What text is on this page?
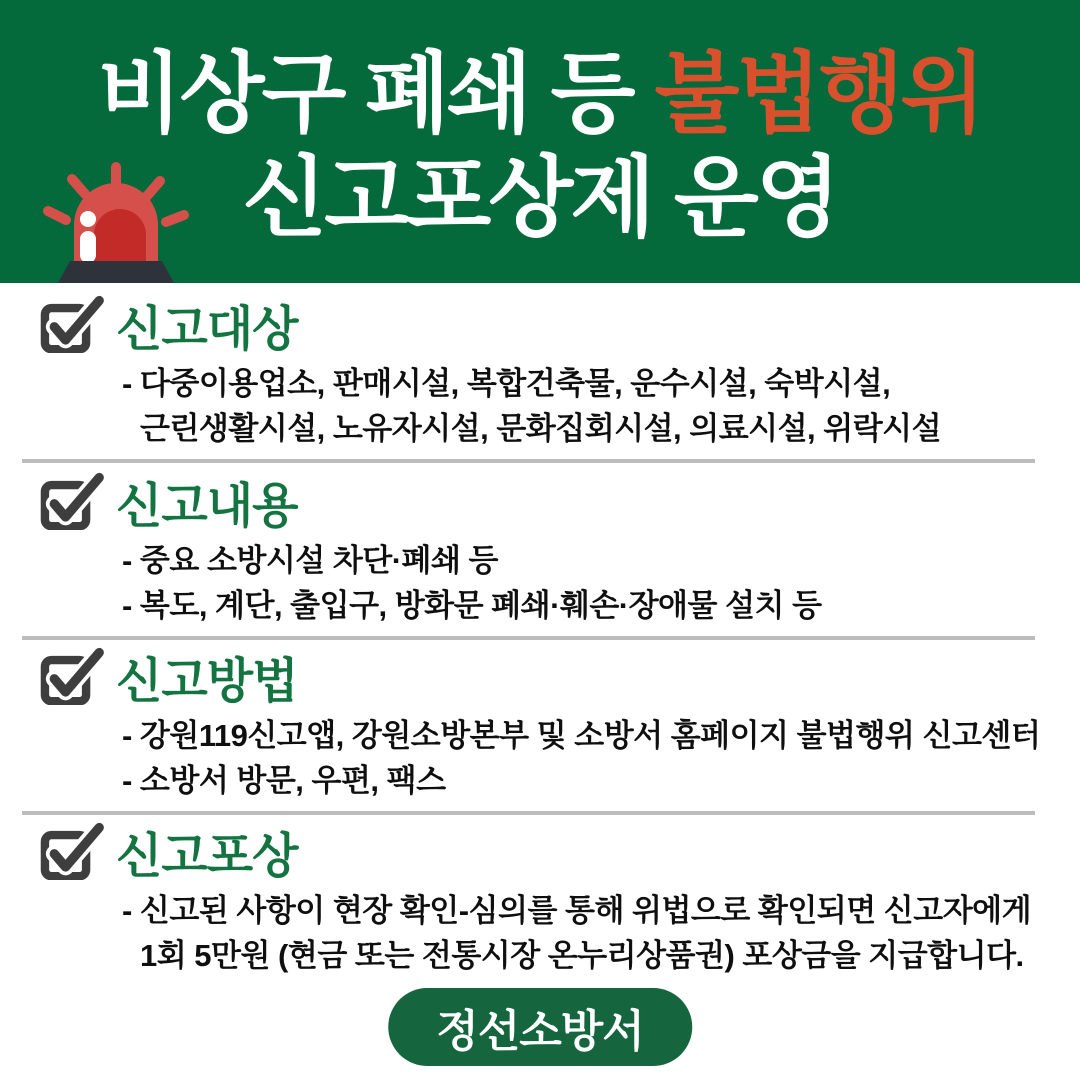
비상구 폐쇄 등 불법행위
신고포상제 운영
신고대상
- 다중이용업소, 판매시설, 복합건축물, 운수시설, 숙박시설,
근린생활시설, 노유자시설, 문화집회시설, 의료시설, 위락시설
신고내용
- 중요 소방시설 차단·폐쇄 등
- 복도, 계단, 출입구, 방화문 폐쇄·훼손·장애물 설치 등
신고방법
- 강원119신고앱, 강원소방본부 및 소방서 홈페이지 불법행위 신고센터
- 소방서 방문, 우편, 팩스
신고포상
- 신고된 사항이 현장 확인-심의를 통해 위법으로 확인되면 신고자에게
1회 5만원 (현금 또는 전통시장 온누리상품권) 포상금을 지급합니다.
정선소방서
